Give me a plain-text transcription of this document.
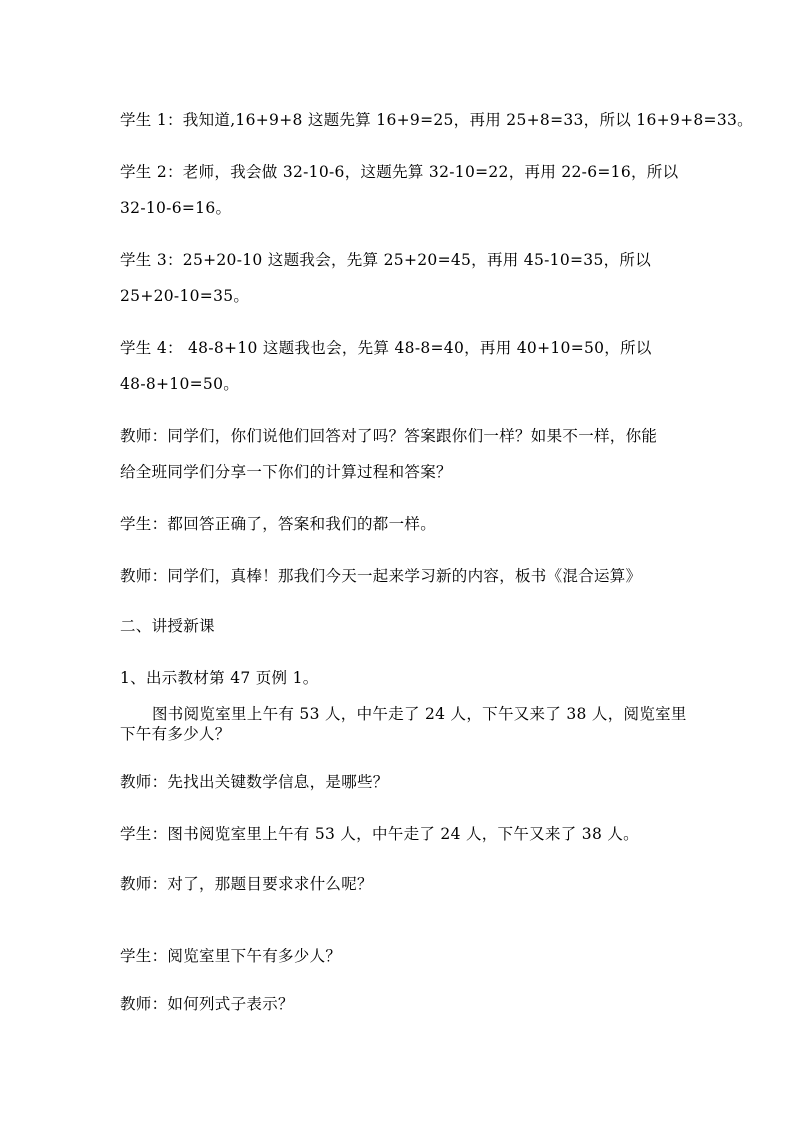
学生 1：我知道,16+9+8 这题先算 16+9=25，再用 25+8=33，所以 16+9+8=33。
学生 2：老师，我会做 32-10-6，这题先算 32-10=22，再用 22-6=16，所以
32-10-6=16。
学生 3：25+20-10 这题我会，先算 25+20=45，再用 45-10=35，所以
25+20-10=35。
学生 4： 48-8+10 这题我也会，先算 48-8=40，再用 40+10=50，所以
48-8+10=50。
教师：同学们，你们说他们回答对了吗？答案跟你们一样？如果不一样，你能
给全班同学们分享一下你们的计算过程和答案？
学生：都回答正确了，答案和我们的都一样。
教师：同学们，真棒！那我们今天一起来学习新的内容，板书《混合运算》
二、讲授新课
1、出示教材第 47 页例 1。
图书阅览室里上午有 53 人，中午走了 24 人，下午又来了 38 人，阅览室里
下午有多少人？
教师：先找出关键数学信息，是哪些？
学生：图书阅览室里上午有 53 人，中午走了 24 人，下午又来了 38 人。
教师：对了，那题目要求求什么呢？
学生：阅览室里下午有多少人？
教师：如何列式子表示？
